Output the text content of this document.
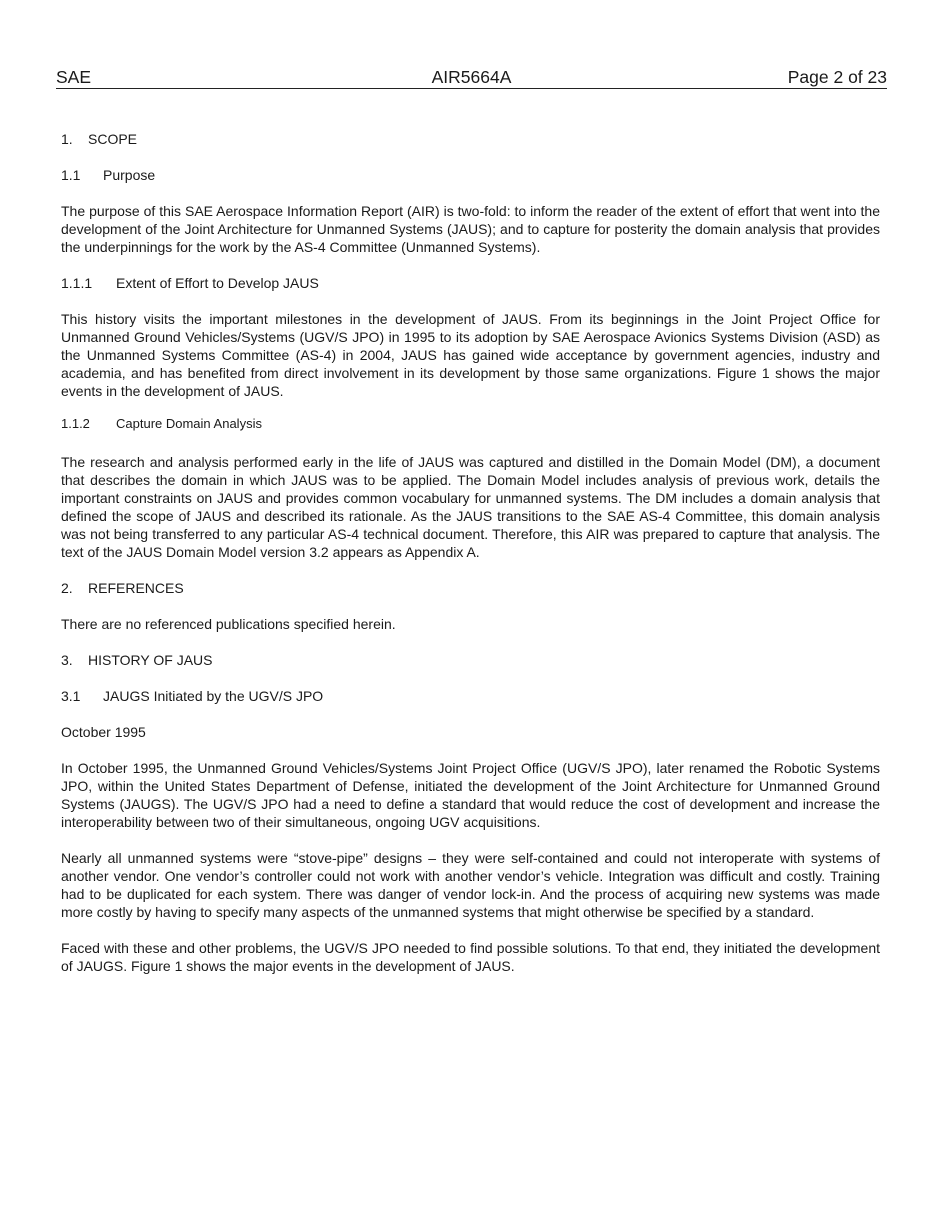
SAE	AIR5664A	Page 2 of 23

1. SCOPE

1.1 Purpose

The purpose of this SAE Aerospace Information Report (AIR) is two-fold: to inform the reader of the extent of effort that went into the development of the Joint Architecture for Unmanned Systems (JAUS); and to capture for posterity the domain analysis that provides the underpinnings for the work by the AS-4 Committee (Unmanned Systems).

1.1.1 Extent of Effort to Develop JAUS

This history visits the important milestones in the development of JAUS. From its beginnings in the Joint Project Office for Unmanned Ground Vehicles/Systems (UGV/S JPO) in 1995 to its adoption by SAE Aerospace Avionics Systems Division (ASD) as the Unmanned Systems Committee (AS-4) in 2004, JAUS has gained wide acceptance by government agencies, industry and academia, and has benefited from direct involvement in its development by those same organizations. Figure 1 shows the major events in the development of JAUS.

1.1.2 Capture Domain Analysis

The research and analysis performed early in the life of JAUS was captured and distilled in the Domain Model (DM), a document that describes the domain in which JAUS was to be applied. The Domain Model includes analysis of previous work, details the important constraints on JAUS and provides common vocabulary for unmanned systems. The DM includes a domain analysis that defined the scope of JAUS and described its rationale. As the JAUS transitions to the SAE AS-4 Committee, this domain analysis was not being transferred to any particular AS-4 technical document. Therefore, this AIR was prepared to capture that analysis. The text of the JAUS Domain Model version 3.2 appears as Appendix A.

2. REFERENCES

There are no referenced publications specified herein.

3. HISTORY OF JAUS

3.1 JAUGS Initiated by the UGV/S JPO

October 1995

In October 1995, the Unmanned Ground Vehicles/Systems Joint Project Office (UGV/S JPO), later renamed the Robotic Systems JPO, within the United States Department of Defense, initiated the development of the Joint Architecture for Unmanned Ground Systems (JAUGS). The UGV/S JPO had a need to define a standard that would reduce the cost of development and increase the interoperability between two of their simultaneous, ongoing UGV acquisitions.

Nearly all unmanned systems were “stove-pipe” designs – they were self-contained and could not interoperate with systems of another vendor. One vendor’s controller could not work with another vendor’s vehicle. Integration was difficult and costly. Training had to be duplicated for each system. There was danger of vendor lock-in. And the process of acquiring new systems was made more costly by having to specify many aspects of the unmanned systems that might otherwise be specified by a standard.

Faced with these and other problems, the UGV/S JPO needed to find possible solutions. To that end, they initiated the development of JAUGS. Figure 1 shows the major events in the development of JAUS.
